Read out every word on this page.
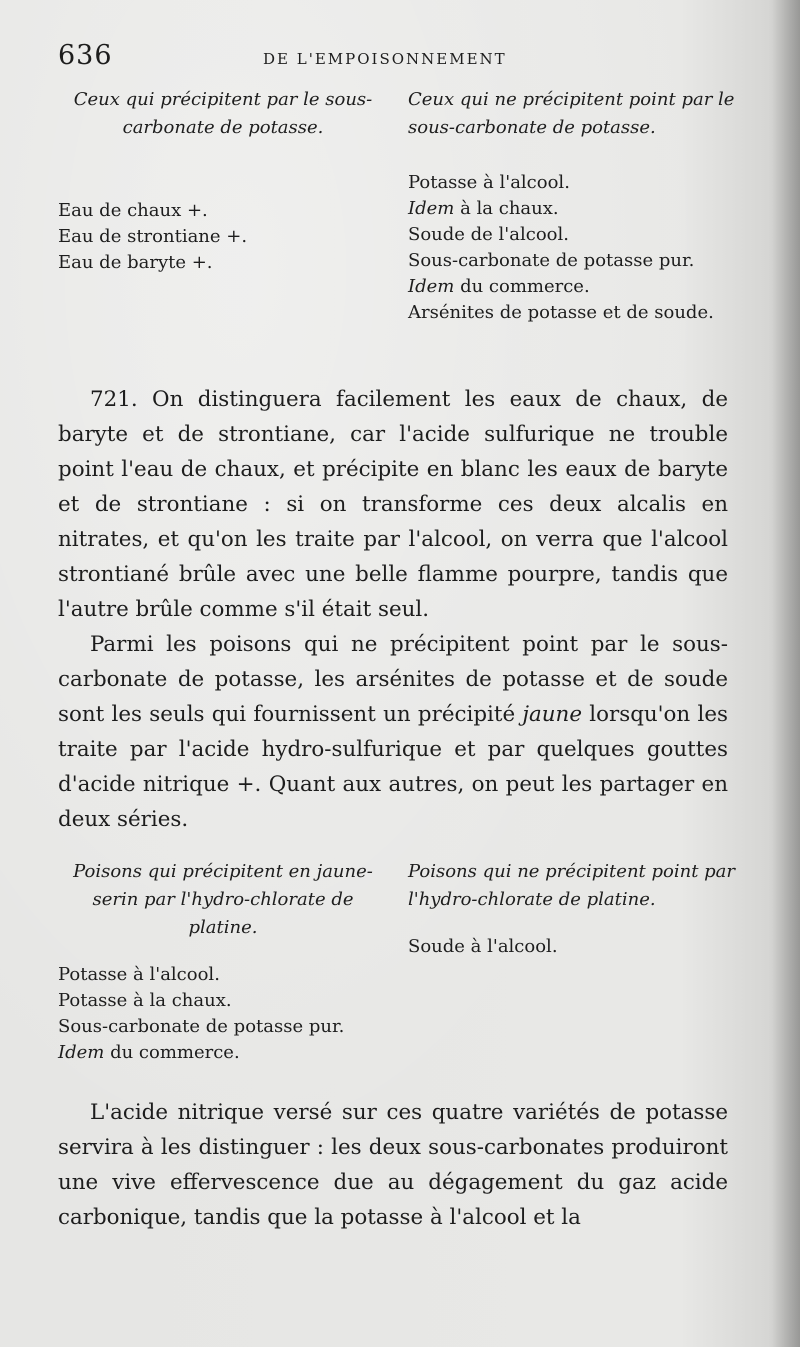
636	DE L'EMPOISONNEMENT
Ceux qui précipitent par le sous-carbonate de potasse.
Eau de chaux +.
Eau de strontiane +.
Eau de baryte +.
Ceux qui ne précipitent point par le sous-carbonate de potasse.
Potasse à l'alcool.
Idem à la chaux.
Soude de l'alcool.
Sous-carbonate de potasse pur.
Idem du commerce.
Arsénites de potasse et de soude.

721. On distinguera facilement les eaux de chaux, de baryte et de strontiane, car l'acide sulfurique ne trouble point l'eau de chaux, et précipite en blanc les eaux de baryte et de strontiane : si on transforme ces deux alcalis en nitrates, et qu'on les traite par l'alcool, on verra que l'alcool strontiané brûle avec une belle flamme pourpre, tandis que l'autre brûle comme s'il était seul.

Parmi les poisons qui ne précipitent point par le sous-carbonate de potasse, les arsénites de potasse et de soude sont les seuls qui fournissent un précipité jaune lorsqu'on les traite par l'acide hydro-sulfurique et par quelques gouttes d'acide nitrique +. Quant aux autres, on peut les partager en deux séries.

Poisons qui précipitent en jaune-serin par l'hydro-chlorate de platine.
Potasse à l'alcool.
Potasse à la chaux.
Sous-carbonate de potasse pur.
Idem du commerce.
Poisons qui ne précipitent point par l'hydro-chlorate de platine.
Soude à l'alcool.

L'acide nitrique versé sur ces quatre variétés de potasse servira à les distinguer : les deux sous-carbonates produiront une vive effervescence due au dégagement du gaz acide carbonique, tandis que la potasse à l'alcool et la
